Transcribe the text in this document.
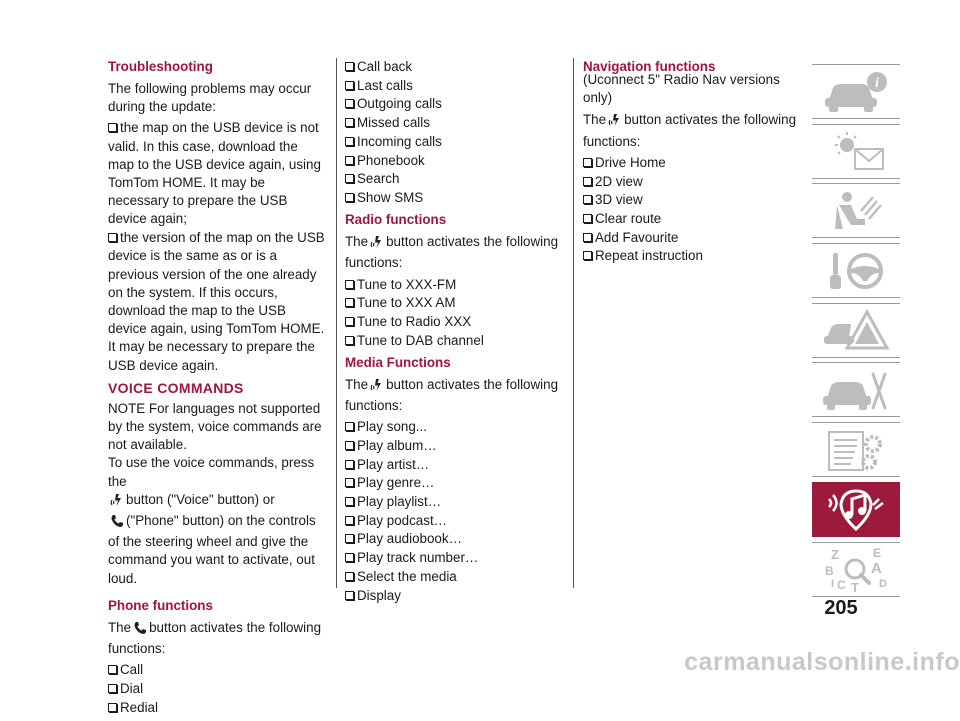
Troubleshooting

The following problems may occur during the update:

the map on the USB device is not valid. In this case, download the map to the USB device again, using TomTom HOME. It may be necessary to prepare the USB device again;
the version of the map on the USB device is the same as or is a previous version of the one already on the system. If this occurs, download the map to the USB device again, using TomTom HOME. It may be necessary to prepare the USB device again.
VOICE COMMANDS

NOTE For languages not supported by the system, voice commands are not available.

To use the voice commands, press the
button ("Voice" button) or
("Phone" button) on the controls of the steering wheel and give the command you want to activate, out loud.

Phone functions

The button activates the following functions:

Call
Dial
Redial
Call back
Last calls
Outgoing calls
Missed calls
Incoming calls
Phonebook
Search
Show SMS
Radio functions

The button activates the following functions:

Tune to XXX-FM
Tune to XXX AM
Tune to Radio XXX
Tune to DAB channel
Media Functions

The button activates the following functions:

Play song...
Play album…
Play artist…
Play genre…
Play playlist…
Play podcast…
Play audiobook…
Play track number…
Select the media
Display
Navigation functions

(Uconnect 5" Radio Nav versions only)

The button activates the following functions:

Drive Home
2D view
3D view
Clear route
Add Favourite
Repeat instruction
i
Z	E
B A
C T D
I
205
carmanualsonline.info
